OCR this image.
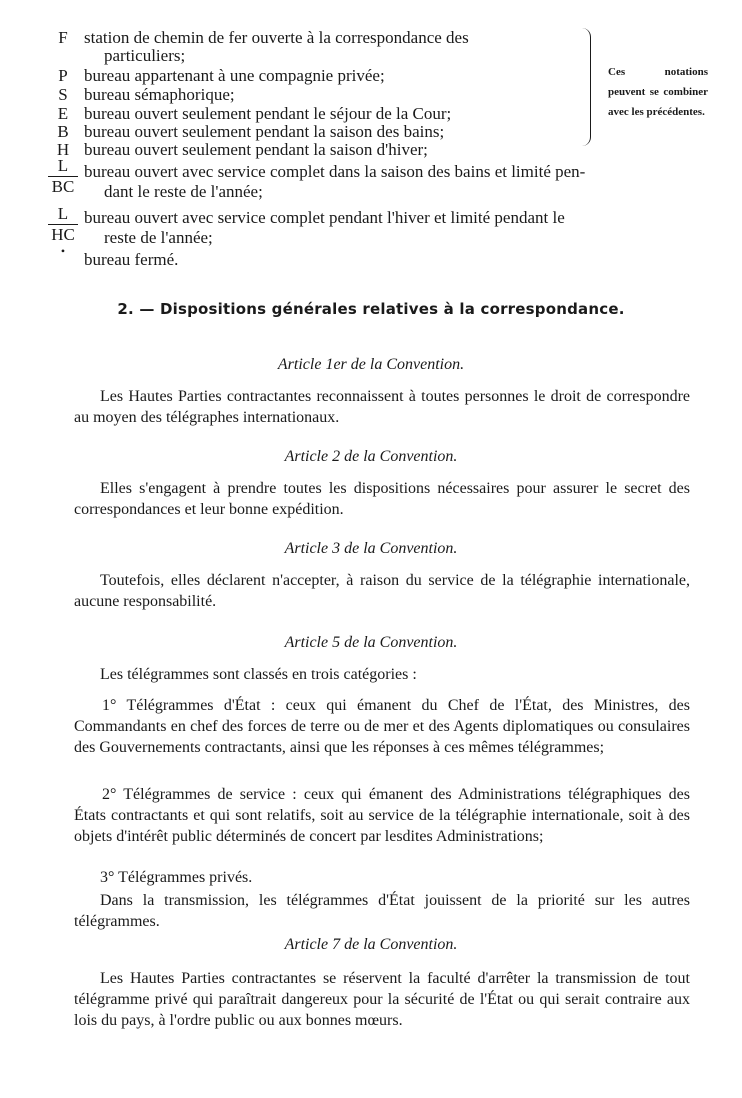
F station de chemin de fer ouverte à la correspondance des
particuliers;
P bureau appartenant à une compagnie privée;
S bureau sémaphorique;
E bureau ouvert seulement pendant le séjour de la Cour;
B bureau ouvert seulement pendant la saison des bains;
H bureau ouvert seulement pendant la saison d'hiver;
Ces notations peuvent se combiner avec les précédentes.
$\frac{L}{BC}$ bureau ouvert avec service complet dans la saison des bains et limité pen-
dant le reste de l'année;
$\frac{L}{HC}$ bureau ouvert avec service complet pendant l'hiver et limité pendant le
reste de l'année;
•	bureau fermé.
2. — Dispositions générales relatives à la correspondance.

Article 1er de la Convention.

Les Hautes Parties contractantes reconnaissent à toutes personnes le droit de correspondre au moyen des télégraphes internationaux.

Article 2 de la Convention.

Elles s'engagent à prendre toutes les dispositions nécessaires pour assurer le secret des correspondances et leur bonne expédition.

Article 3 de la Convention.

Toutefois, elles déclarent n'accepter, à raison du service de la télégraphie internationale, aucune responsabilité.

Article 5 de la Convention.

Les télégrammes sont classés en trois catégories :

1° Télégrammes d'État : ceux qui émanent du Chef de l'État, des Ministres, des Commandants en chef des forces de terre ou de mer et des Agents diplomatiques ou consulaires des Gouvernements contractants, ainsi que les réponses à ces mêmes télégrammes;

2° Télégrammes de service : ceux qui émanent des Administrations télégraphiques des États contractants et qui sont relatifs, soit au service de la télégraphie internationale, soit à des objets d'intérêt public déterminés de concert par lesdites Administrations;

3° Télégrammes privés.

Dans la transmission, les télégrammes d'État jouissent de la priorité sur les autres télégrammes.

Article 7 de la Convention.

Les Hautes Parties contractantes se réservent la faculté d'arrêter la transmission de tout télégramme privé qui paraîtrait dangereux pour la sécurité de l'État ou qui serait contraire aux lois du pays, à l'ordre public ou aux bonnes mœurs.
